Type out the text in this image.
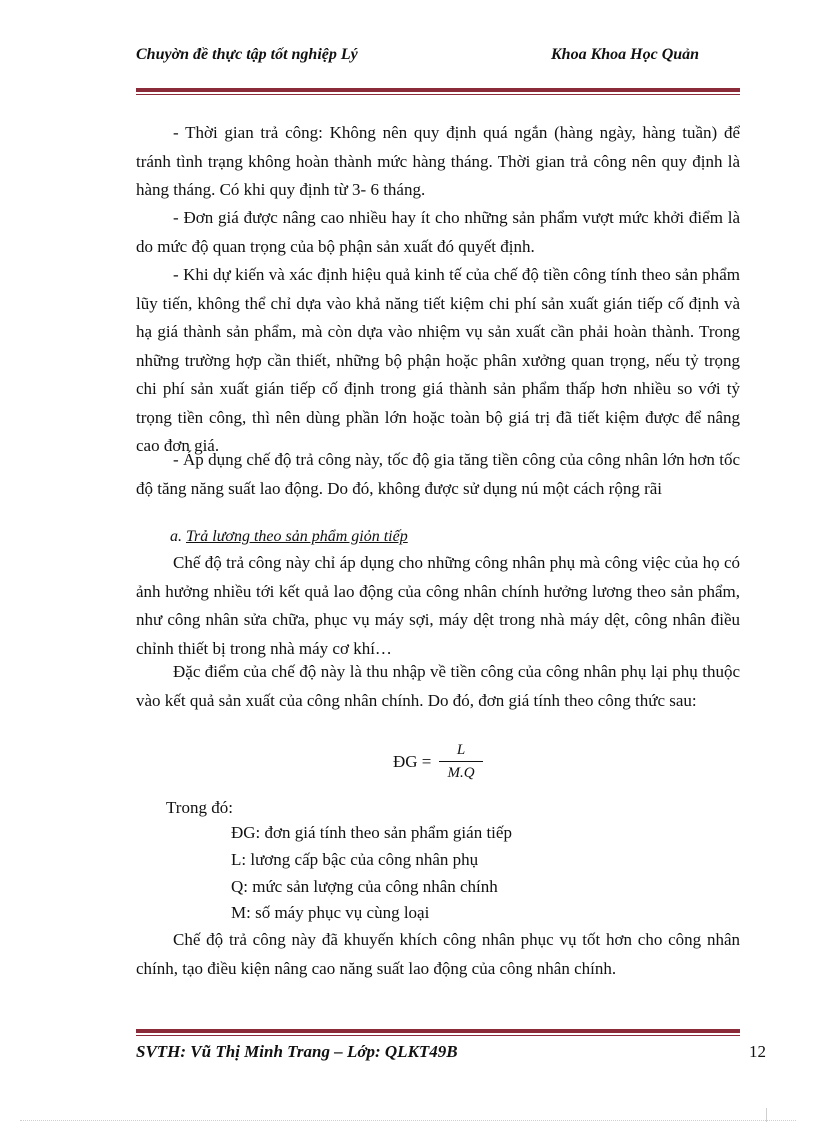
Chuyờn đề thực tập tốt nghiệp Lý	Khoa Khoa Học Quản

- Thời gian trả công: Không nên quy định quá ngắn (hàng ngày, hàng tuần) để tránh tình trạng không hoàn thành mức hàng tháng. Thời gian trả công nên quy định là hàng tháng. Có khi quy định từ 3- 6 tháng.

- Đơn giá được nâng cao nhiều hay ít cho những sản phẩm vượt mức khởi điểm là do mức độ quan trọng của bộ phận sản xuất đó quyết định.

- Khi dự kiến và xác định hiệu quả kinh tế của chế độ tiền công tính theo sản phẩm lũy tiến, không thể chỉ dựa vào khả năng tiết kiệm chi phí sản xuất gián tiếp cố định và hạ giá thành sản phẩm, mà còn dựa vào nhiệm vụ sản xuất cần phải hoàn thành. Trong những trường hợp cần thiết, những bộ phận hoặc phân xưởng quan trọng, nếu tỷ trọng chi phí sản xuất gián tiếp cố định trong giá thành sản phẩm thấp hơn nhiều so với tỷ trọng tiền công, thì nên dùng phần lớn hoặc toàn bộ giá trị đã tiết kiệm được để nâng cao đơn giá.

- Áp dụng chế độ trả công này, tốc độ gia tăng tiền công của công nhân lớn hơn tốc độ tăng năng suất lao động. Do đó, không được sử dụng nú một cách rộng rãi

a. Trả lương theo sản phẩm giỏn tiếp

Chế độ trả công này chỉ áp dụng cho những công nhân phụ mà công việc của họ có ảnh hưởng nhiều tới kết quả lao động của công nhân chính hưởng lương theo sản phẩm, như công nhân sửa chữa, phục vụ máy sợi, máy dệt trong nhà máy dệt, công nhân điều chỉnh thiết bị trong nhà máy cơ khí…

Đặc điểm của chế độ này là thu nhập về tiền công của công nhân phụ lại phụ thuộc vào kết quả sản xuất của công nhân chính. Do đó, đơn giá tính theo công thức sau:

ĐG =
L
M.Q

Trong đó:

ĐG: đơn giá tính theo sản phẩm gián tiếp
L: lương cấp bậc của công nhân phụ
Q: mức sản lượng của công nhân chính
M: số máy phục vụ cùng loại

Chế độ trả công này đã khuyến khích công nhân phục vụ tốt hơn cho công nhân chính, tạo điều kiện nâng cao năng suất lao động của công nhân chính.

SVTH: Vũ Thị Minh Trang – Lớp: QLKT49B	12
